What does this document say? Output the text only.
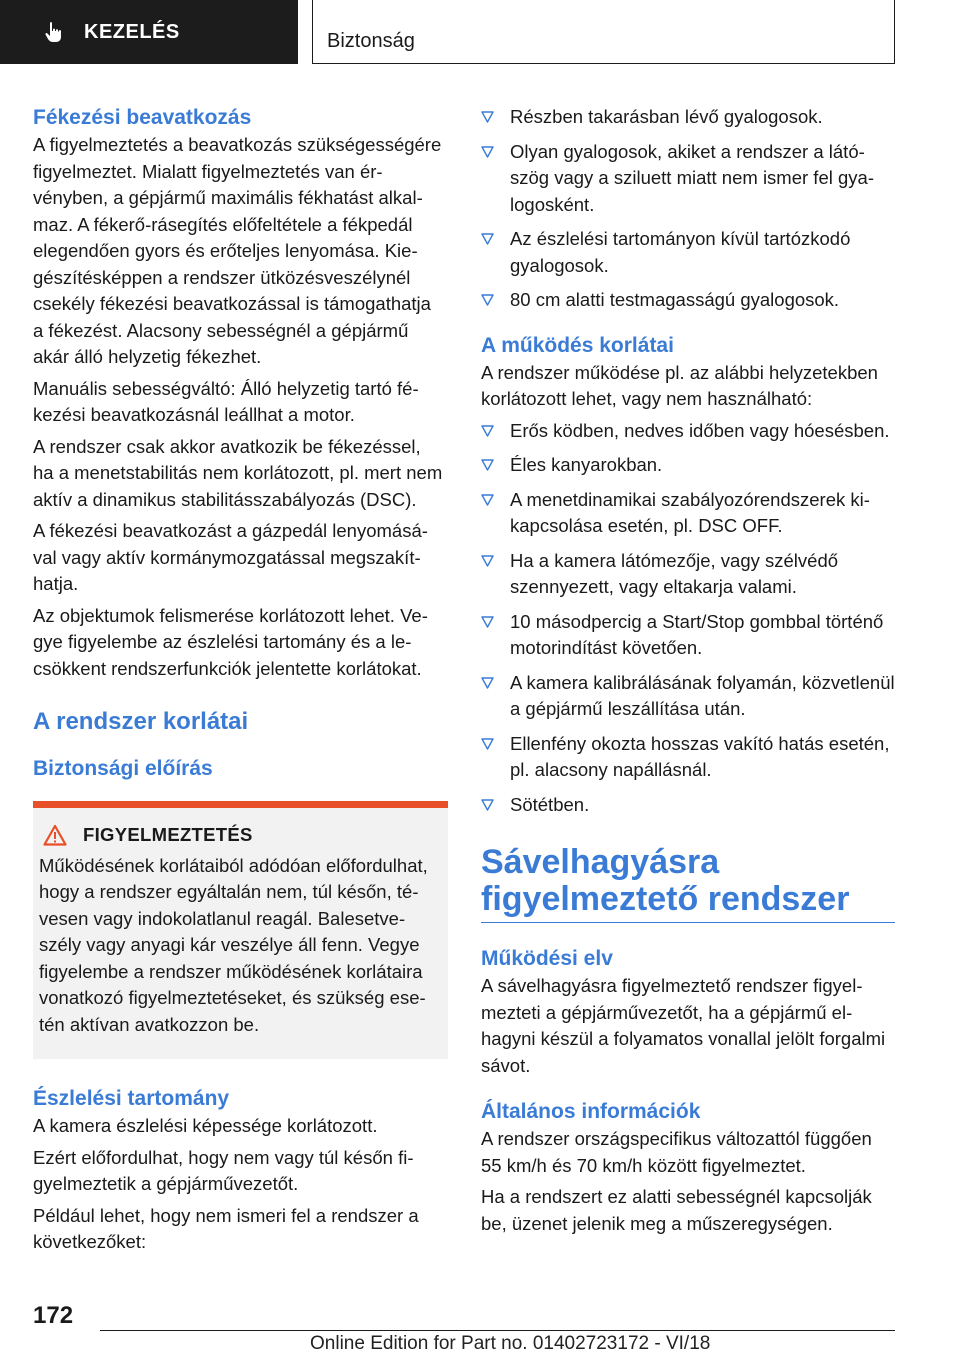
KEZELÉS	Biztonság
Fékezési beavatkozás

A figyelmeztetés a beavatkozás szükségességére figyelmeztet. Mialatt figyelmeztetés van érvényben, a gépjármű maximális fékhatást alkalmaz. A fékerő-rásegítés előfeltétele a fékpedál elegendően gyors és erőteljes lenyomása. Kiegészítésképpen a rendszer ütközésveszélynél csekély fékezési beavatkozással is támogathatja a fékezést. Alacsony sebességnél a gépjármű akár álló helyzetig fékezhet.

Manuális sebességváltó: Álló helyzetig tartó fékezési beavatkozásnál leállhat a motor.

A rendszer csak akkor avatkozik be fékezéssel, ha a menetstabilitás nem korlátozott, pl. mert nem aktív a dinamikus stabilitásszabályozás (DSC).

A fékezési beavatkozást a gázpedál lenyomásával vagy aktív kormánymozgatással megszakíthatja.

Az objektumok felismerése korlátozott lehet. Vegye figyelembe az észlelési tartomány és a lecsökkent rendszerfunkciók jelentette korlátokat.

A rendszer korlátai
Biztonsági előírás
FIGYELMEZTETÉS

Működésének korlátaiból adódóan előfordulhat, hogy a rendszer egyáltalán nem, túl későn, tévesen vagy indokolatlanul reagál. Balesetveszély vagy anyagi kár veszélye áll fenn. Vegye figyelembe a rendszer működésének korlátaira vonatkozó figyelmeztetéseket, és szükség esetén aktívan avatkozzon be.

Észlelési tartomány

A kamera észlelési képessége korlátozott.

Ezért előfordulhat, hogy nem vagy túl későn figyelmeztetik a gépjárművezetőt.

Például lehet, hogy nem ismeri fel a rendszer a következőket:

Részben takarásban lévő gyalogosok.
Olyan gyalogosok, akiket a rendszer a látószög vagy a sziluett miatt nem ismer fel gyalogosként.
Az észlelési tartományon kívül tartózkodó gyalogosok.
80 cm alatti testmagasságú gyalogosok.
A működés korlátai

A rendszer működése pl. az alábbi helyzetekben korlátozott lehet, vagy nem használható:

Erős ködben, nedves időben vagy hóesésben.
Éles kanyarokban.
A menetdinamikai szabályozórendszerek kikapcsolása esetén, pl. DSC OFF.
Ha a kamera látómezője, vagy szélvédő szennyezett, vagy eltakarja valami.
10 másodpercig a Start/Stop gombbal történő motorindítást követően.
A kamera kalibrálásának folyamán, közvetlenül a gépjármű leszállítása után.
Ellenfény okozta hosszas vakító hatás esetén, pl. alacsony napállásnál.
Sötétben.
Sávelhagyásra figyelmeztető rendszer
Működési elv

A sávelhagyásra figyelmeztető rendszer figyelmezteti a gépjárművezetőt, ha a gépjármű elhagyni készül a folyamatos vonallal jelölt forgalmi sávot.

Általános információk

A rendszer országspecifikus változattól függően 55 km/h és 70 km/h között figyelmeztet.

Ha a rendszert ez alatti sebességnél kapcsolják be, üzenet jelenik meg a műszeregységen.

172
Online Edition for Part no. 01402723172 - VI/18
